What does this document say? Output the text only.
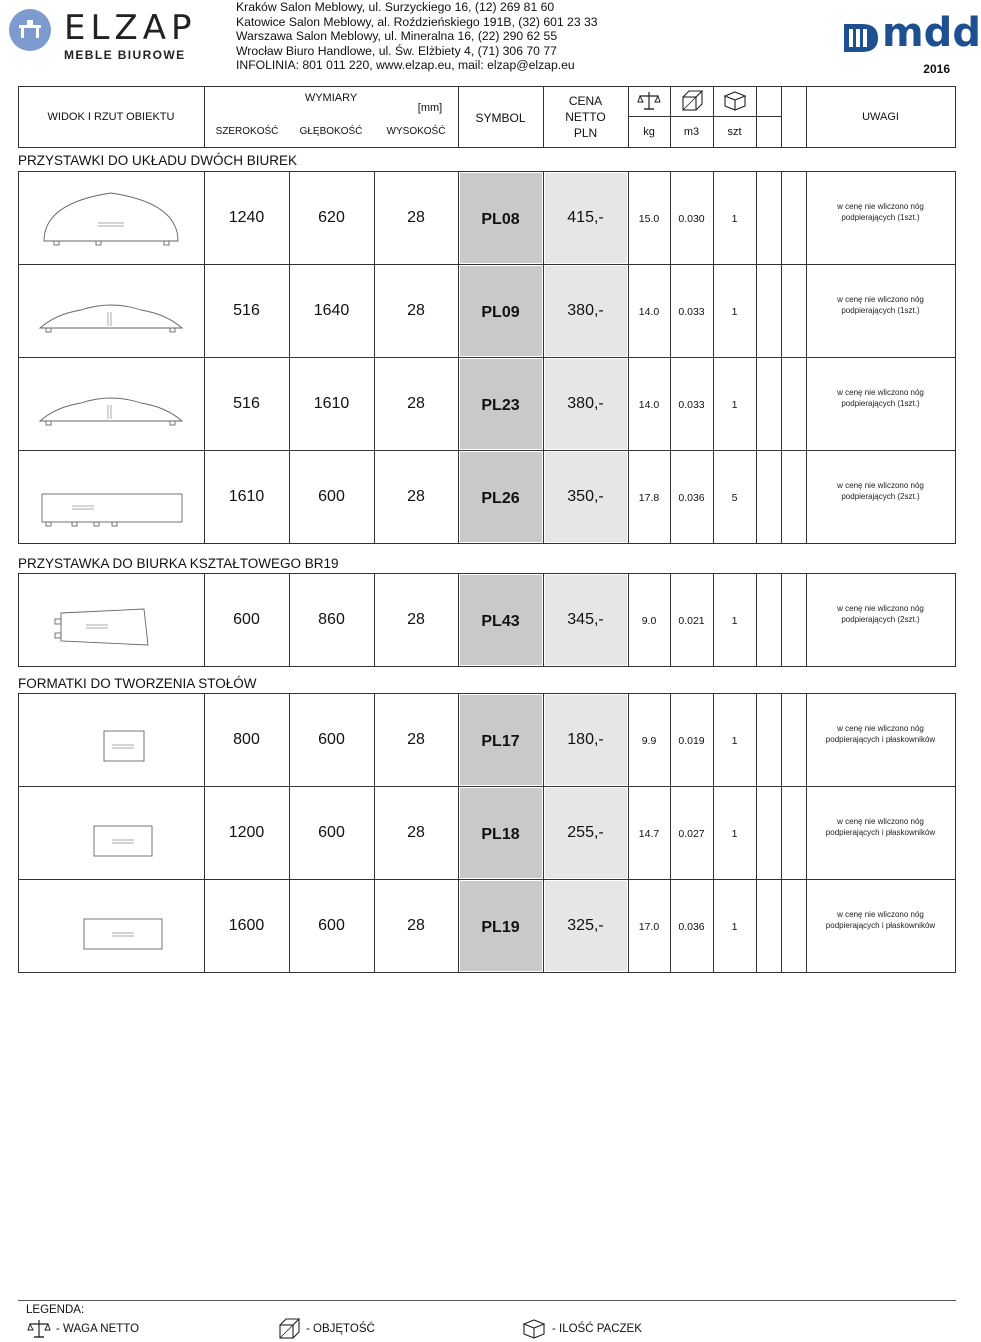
ELZAP
MEBLE BIUROWE
Kraków Salon Meblowy, ul. Surzyckiego 16, (12) 269 81 60
Katowice Salon Meblowy, al. Roździeńskiego 191B, (32) 601 23 33
Warszawa Salon Meblowy, ul. Mineralna 16, (22) 290 62 55
Wrocław Biuro Handlowe, ul. Św. Elżbiety 4, (71) 306 70 77
INFOLINIA: 801 011 220, www.elzap.eu, mail: elzap@elzap.eu
mdd
2016
WIDOK I RZUT OBIEKTU
WYMIARY
[mm]
SZEROKOŚĆ	GŁĘBOKOŚĆ	WYSOKOŚĆ
SYMBOL
CENA
NETTO
PLN	kg	m3	szt
UWAGI
PRZYSTAWKI DO UKŁADU DWÓCH BIUREK
1240	620	28	PL08	415,-	15.0	0.030	1
w cenę nie wliczono nóg
podpierających (1szt.)
516	1640	28	PL09	380,-	14.0	0.033	1
w cenę nie wliczono nóg
podpierających (1szt.)
516	1610	28	PL23	380,-	14.0	0.033	1
w cenę nie wliczono nóg
podpierających (1szt.)
1610	600	28	PL26	350,-	17.8	0.036	5
w cenę nie wliczono nóg
podpierających (2szt.)
PRZYSTAWKA DO BIURKA KSZTAŁTOWEGO BR19
600	860	28	PL43	345,-	9.0	0.021	1
w cenę nie wliczono nóg
podpierających (2szt.)
FORMATKI DO TWORZENIA STOŁÓW
800	600	28	PL17	180,-	9.9	0.019	1
w cenę nie wliczono nóg
podpierających i płaskowników
1200	600	28	PL18	255,-	14.7	0.027	1
w cenę nie wliczono nóg
podpierających i płaskowników
1600	600	28	PL19	325,-	17.0	0.036	1
w cenę nie wliczono nóg
podpierających i płaskowników
LEGENDA:
- WAGA NETTO	- OBJĘTOŚĆ	- ILOŚĆ PACZEK
